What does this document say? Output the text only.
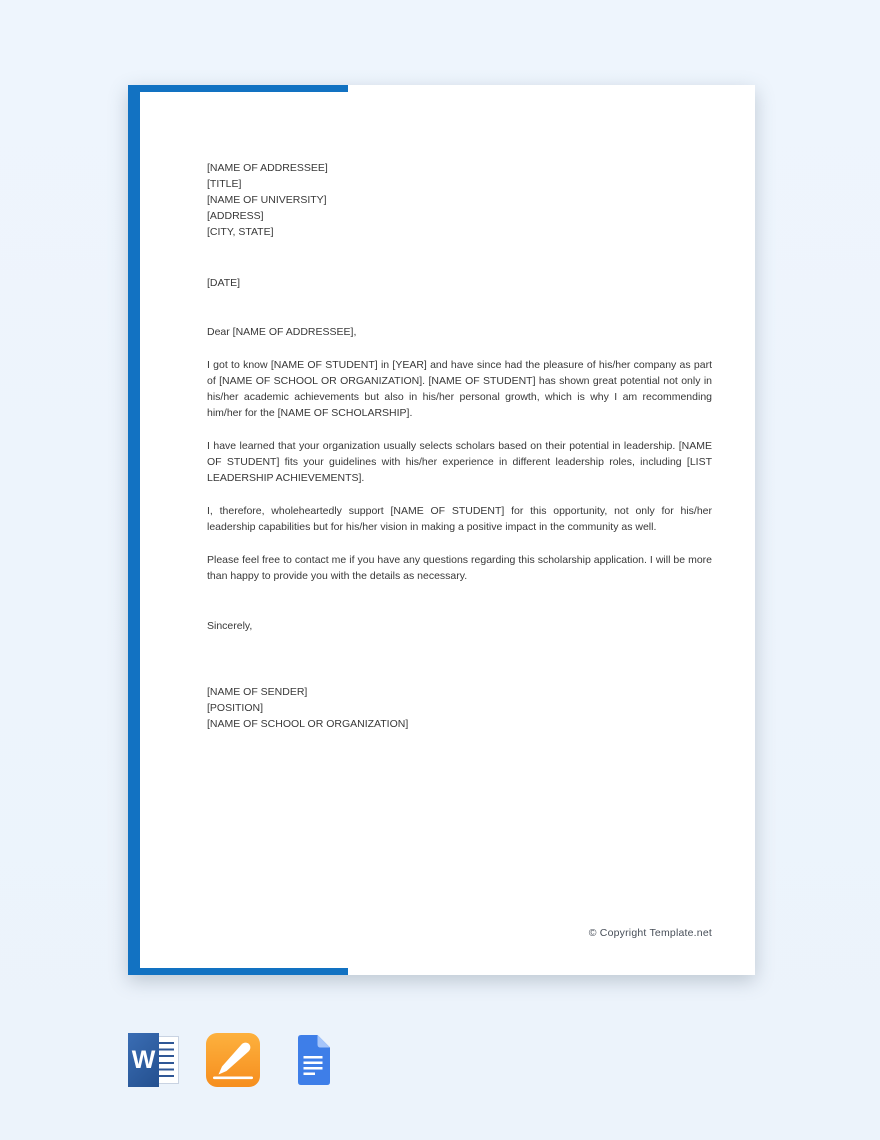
[NAME OF ADDRESSEE]
[TITLE]
[NAME OF UNIVERSITY]
[ADDRESS]
[CITY, STATE]
[DATE]
Dear [NAME OF ADDRESSEE],

I got to know [NAME OF STUDENT] in [YEAR] and have since had the pleasure of his/her company as part of [NAME OF SCHOOL OR ORGANIZATION]. [NAME OF STUDENT] has shown great potential not only in his/her academic achievements but also in his/her personal growth, which is why I am recommending him/her for the [NAME OF SCHOLARSHIP].

I have learned that your organization usually selects scholars based on their potential in leadership. [NAME OF STUDENT] fits your guidelines with his/her experience in different leadership roles, including [LIST LEADERSHIP ACHIEVEMENTS].

I, therefore, wholeheartedly support [NAME OF STUDENT] for this opportunity, not only for his/her leadership capabilities but for his/her vision in making a positive impact in the community as well.

Please feel free to contact me if you have any questions regarding this scholarship application. I will be more than happy to provide you with the details as necessary.

Sincerely,
[NAME OF SENDER]
[POSITION]
[NAME OF SCHOOL OR ORGANIZATION]
© Copyright Template.net
W
